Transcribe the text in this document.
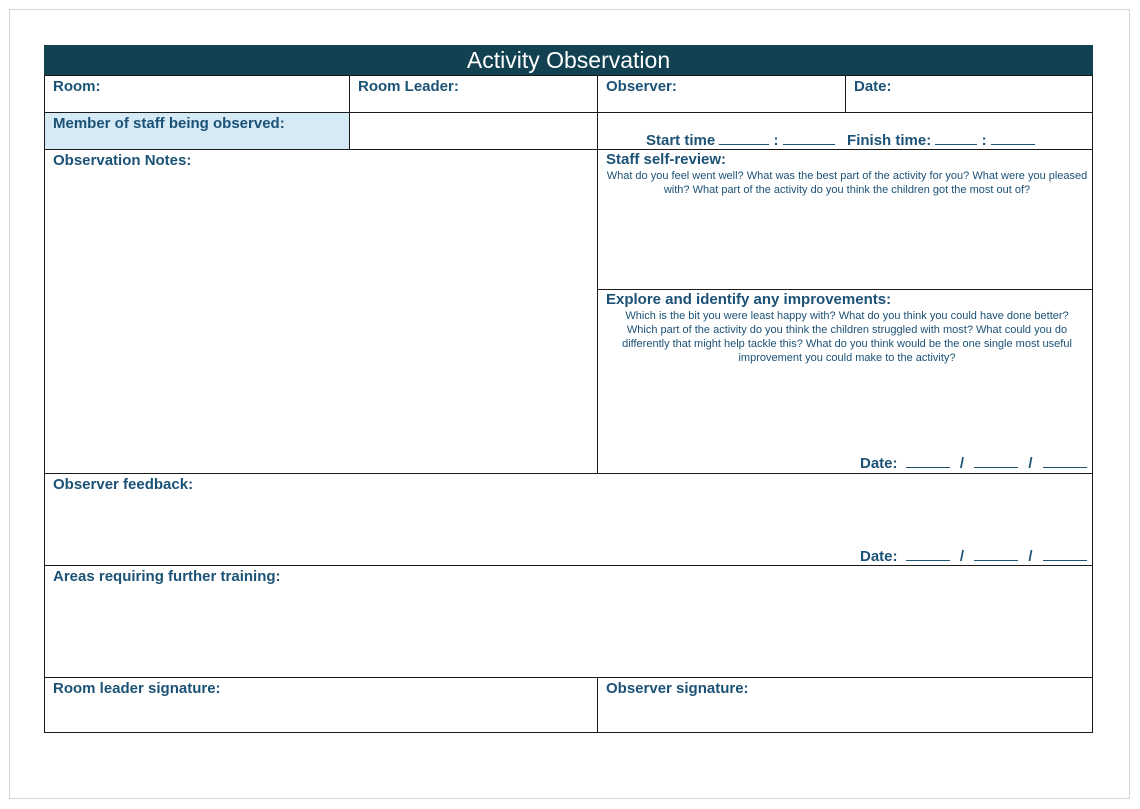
Activity Observation
Room:	Room Leader:	Observer:	Date:
Member of staff being observed:
Start time	:	Finish time:	:
Observation Notes:	Staff self-review:
What do you feel went well? What was the best part of the activity for you? What were you pleased with? What part of the activity do you think the children got the most out of?
Explore and identify any improvements:
Which is the bit you were least happy with? What do you think you could have done better? Which part of the activity do you think the children struggled with most? What could you do differently that might help tackle this? What do you think would be the one single most useful improvement you could make to the activity?
Date:	/	/
Observer feedback:
Date:	/	/
Areas requiring further training:
Room leader signature:	Observer signature:
